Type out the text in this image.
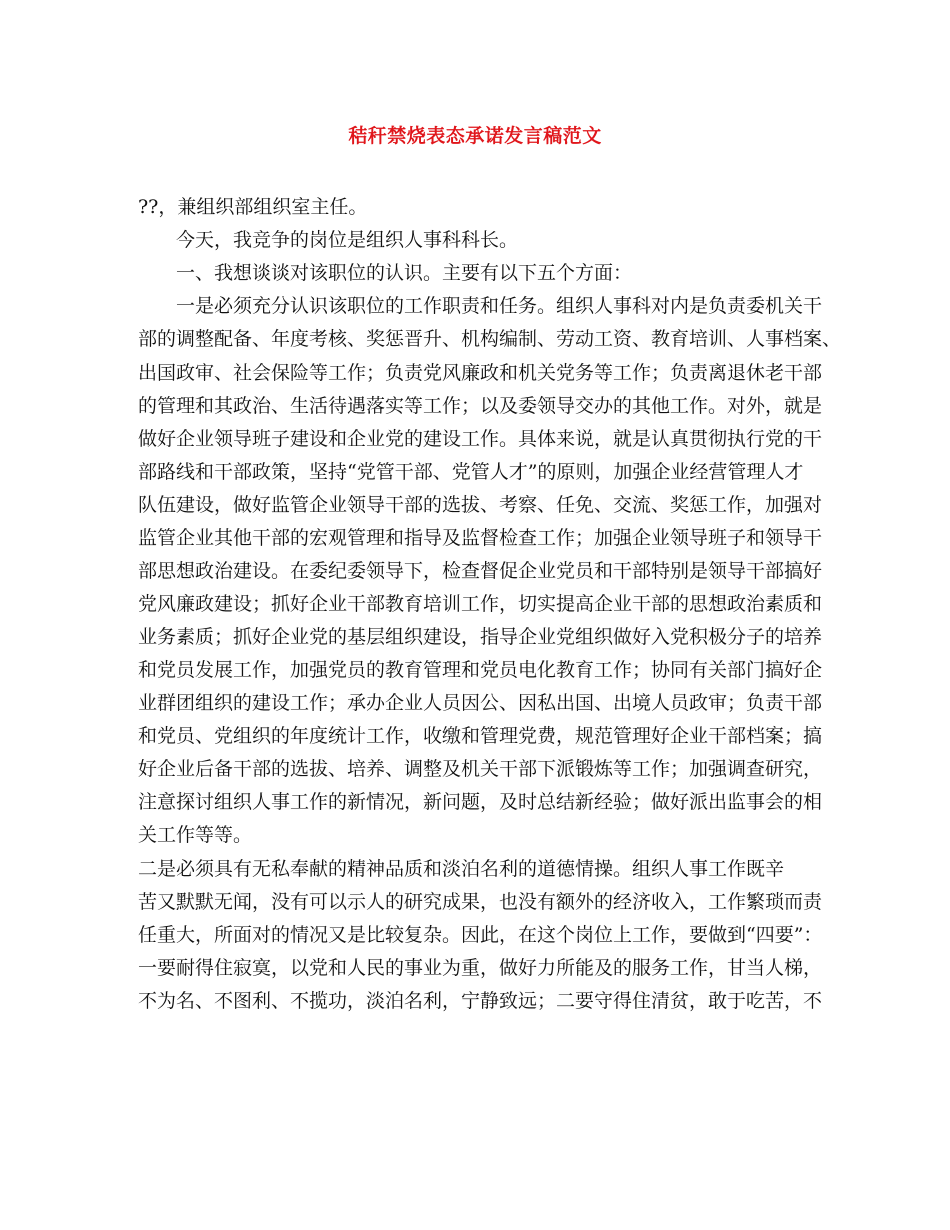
秸秆禁烧表态承诺发言稿范文

??，兼组织部组织室主任。

今天，我竞争的岗位是组织人事科科长。

一、我想谈谈对该职位的认识。主要有以下五个方面：

一是必须充分认识该职位的工作职责和任务。组织人事科对内是负责委机关干

部的调整配备、年度考核、奖惩晋升、机构编制、劳动工资、教育培训、人事档案、

出国政审、社会保险等工作；负责党风廉政和机关党务等工作；负责离退休老干部

的管理和其政治、生活待遇落实等工作；以及委领导交办的其他工作。对外，就是

做好企业领导班子建设和企业党的建设工作。具体来说，就是认真贯彻执行党的干

部路线和干部政策，坚持“党管干部、党管人才”的原则，加强企业经营管理人才

队伍建设，做好监管企业领导干部的选拔、考察、任免、交流、奖惩工作，加强对

监管企业其他干部的宏观管理和指导及监督检查工作；加强企业领导班子和领导干

部思想政治建设。在委纪委领导下，检查督促企业党员和干部特别是领导干部搞好

党风廉政建设；抓好企业干部教育培训工作，切实提高企业干部的思想政治素质和

业务素质；抓好企业党的基层组织建设，指导企业党组织做好入党积极分子的培养

和党员发展工作，加强党员的教育管理和党员电化教育工作；协同有关部门搞好企

业群团组织的建设工作；承办企业人员因公、因私出国、出境人员政审；负责干部

和党员、党组织的年度统计工作，收缴和管理党费，规范管理好企业干部档案；搞

好企业后备干部的选拔、培养、调整及机关干部下派锻炼等工作；加强调查研究，

注意探讨组织人事工作的新情况，新问题，及时总结新经验；做好派出监事会的相

关工作等等。

二是必须具有无私奉献的精神品质和淡泊名利的道德情操。组织人事工作既辛

苦又默默无闻，没有可以示人的研究成果，也没有额外的经济收入，工作繁琐而责

任重大，所面对的情况又是比较复杂。因此，在这个岗位上工作，要做到“四要”：

一要耐得住寂寞，以党和人民的事业为重，做好力所能及的服务工作，甘当人梯，

不为名、不图利、不揽功，淡泊名利，宁静致远；二要守得住清贫，敢于吃苦，不
